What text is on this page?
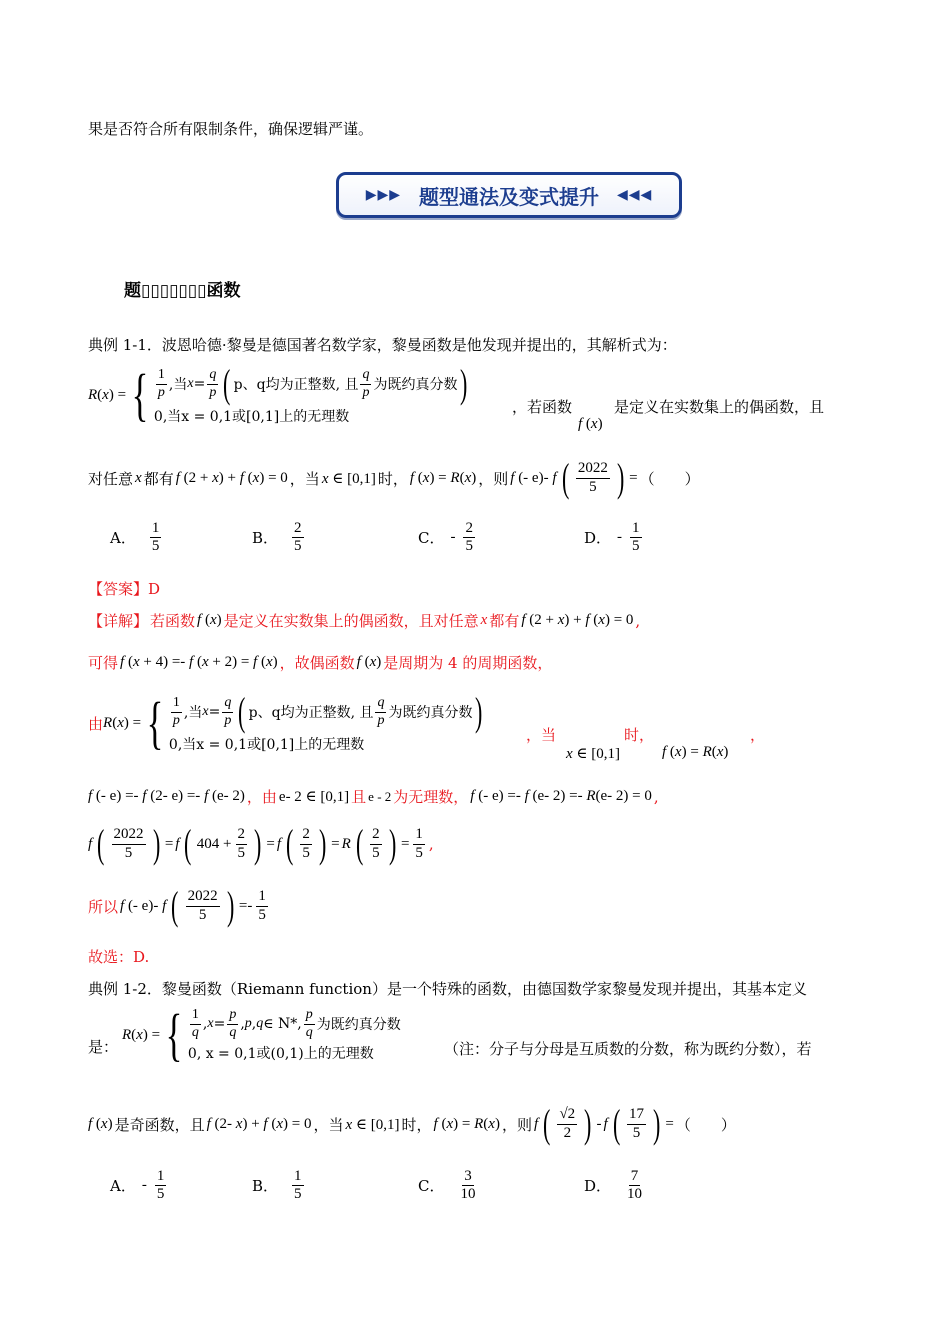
果是否符合所有限制条件，确保逻辑严谨。
▶▶▶ 题型通法及变式提升 ◀◀◀
题▯▯▯▯▯▯▯函数
典例 1-1．波恩哈德·黎曼是德国著名数学家，黎曼函数是他发现并提出的，其解析式为：
R ( x ) = { $\frac{1}{p}$ ,当 $x = \frac{q}{p}$ ( p、q均为正整数, 且 $\frac{q}{p}$ 为既约真分数 )
0,当x = 0,1或[0,1]上的无理数
，若函数
f (x)
是定义在实数集上的偶函数，且
对任意 x 都有 f (2 + x) + f (x) = 0 ，当 x ∈ [0,1] 时， f (x) = R(x) ，则 f (- e)- f ( $\frac{2022}{5}$ ) = （　　）
A． $\frac{1}{5}$	B． $\frac{2}{5}$	C． - $\frac{2}{5}$	D． - $\frac{1}{5}$
【答案】D
【详解】 若函数 f (x) 是定义在实数集上的偶函数，且对任意 x 都有 f (2 + x) + f (x) = 0 ,
可得 f (x + 4) =- f (x + 2) = f (x) ，故偶函数 f (x) 是周期为 4 的周期函数，
由 R ( x ) = { $\frac{1}{p}$ ,当 $x = \frac{q}{p}$ ( p、q均为正整数, 且 $\frac{q}{p}$ 为既约真分数 )
0,当x = 0,1或[0,1]上的无理数
，当
x ∈ [0,1]
时，
f (x) = R(x)
，
f (- e) =- f (2- e) =- f (e- 2) ，由 e- 2 ∈ [0,1] 且 e - 2 为无理数， f (- e) =- f (e- 2) =- R(e- 2) = 0 ,
f ( $\frac{2022}{5}$ ) = f ( $404 + \frac{2}{5}$ ) = f ( $\frac{2}{5}$ ) = R ( $\frac{2}{5}$ ) = $\frac{1}{5}$ ,
所以 f (- e)- f ( $\frac{2022}{5}$ ) =- $\frac{1}{5}$
故选：D.
典例 1-2．黎曼函数（Riemann function）是一个特殊的函数，由德国数学家黎曼发现并提出，其基本定义
是：
R ( x ) = { $\frac{1}{q}$ , $x = \frac{p}{q}$ , p , q ∈ N*, $\frac{p}{q}$ 为既约真分数
0, x = 0,1或(0,1)上的无理数	（注：分子与分母是互质数的分数，称为既约分数），若
f (x) 是奇函数，且 f (2- x) + f (x) = 0 ，当 x ∈ [0,1] 时， f (x) = R(x) ，则 f ( $\frac{√2}{2}$ ) - f ( $\frac{17}{5}$ ) = （　　）
A． - $\frac{1}{5}$	B． $\frac{1}{5}$	C． $\frac{3}{10}$	D． $\frac{7}{10}$
